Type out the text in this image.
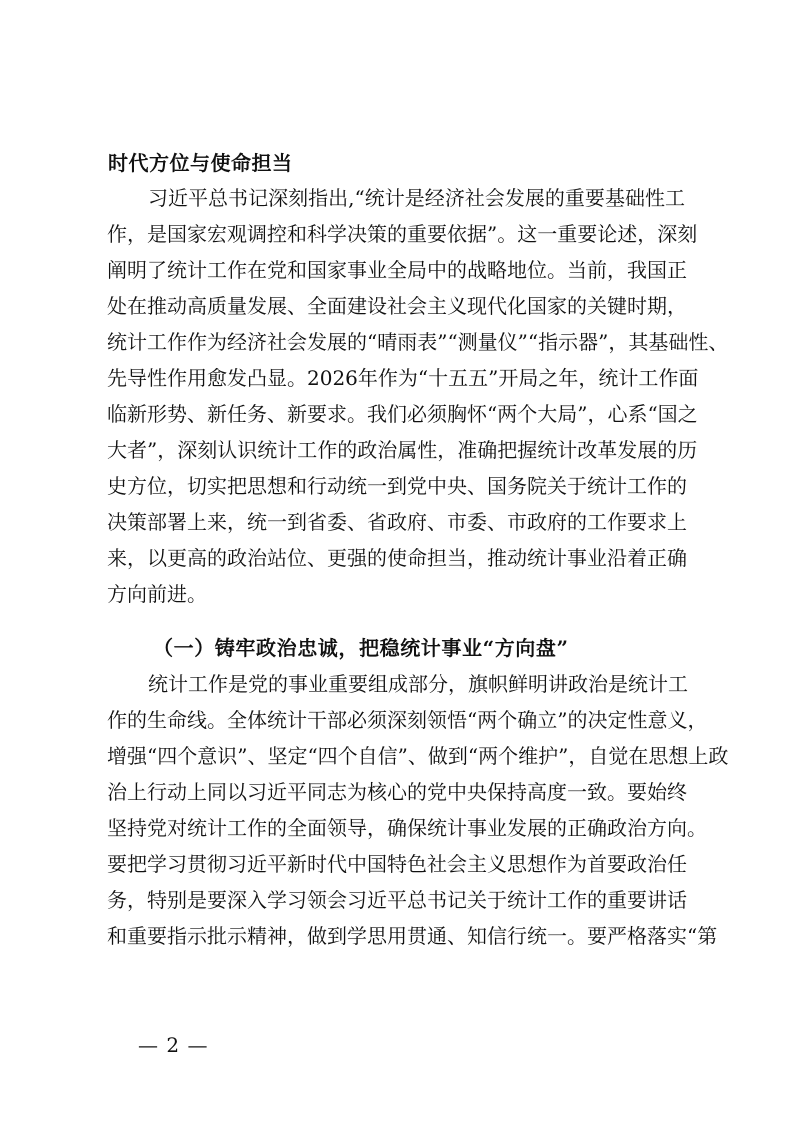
时代方位与使命担当
习近平总书记深刻指出,“统计是经济社会发展的重要基础性工
作，是国家宏观调控和科学决策的重要依据”。这一重要论述，深刻
阐明了统计工作在党和国家事业全局中的战略地位。当前，我国正
处在推动高质量发展、全面建设社会主义现代化国家的关键时期，
统计工作作为经济社会发展的“晴雨表”“测量仪”“指示器”，其基础性、
先导性作用愈发凸显。2026年作为“十五五”开局之年，统计工作面
临新形势、新任务、新要求。我们必须胸怀“两个大局”，心系“国之
大者”，深刻认识统计工作的政治属性，准确把握统计改革发展的历
史方位，切实把思想和行动统一到党中央、国务院关于统计工作的
决策部署上来，统一到省委、省政府、市委、市政府的工作要求上
来，以更高的政治站位、更强的使命担当，推动统计事业沿着正确
方向前进。
（一）铸牢政治忠诚，把稳统计事业“方向盘”
统计工作是党的事业重要组成部分，旗帜鲜明讲政治是统计工
作的生命线。全体统计干部必须深刻领悟“两个确立”的决定性意义，
增强“四个意识”、坚定“四个自信”、做到“两个维护”，自觉在思想上政
治上行动上同以习近平同志为核心的党中央保持高度一致。要始终
坚持党对统计工作的全面领导，确保统计事业发展的正确政治方向。
要把学习贯彻习近平新时代中国特色社会主义思想作为首要政治任
务，特别是要深入学习领会习近平总书记关于统计工作的重要讲话
和重要指示批示精神，做到学思用贯通、知信行统一。要严格落实“第
— 2 —
